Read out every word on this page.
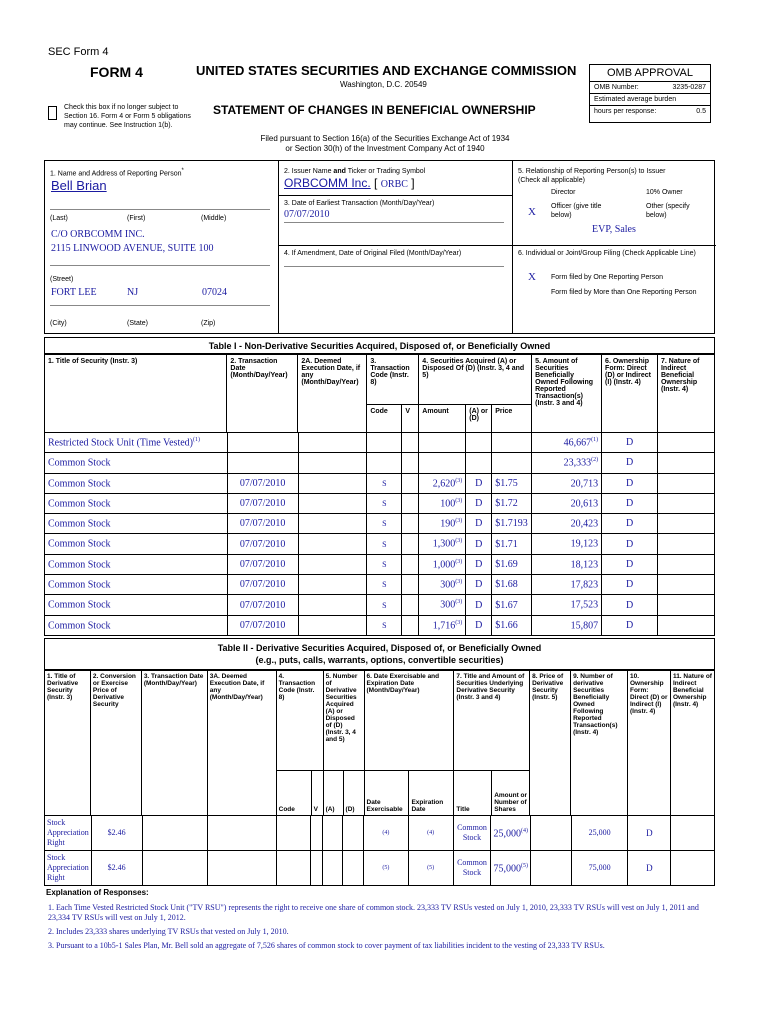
SEC Form 4
FORM 4	UNITED STATES SECURITIES AND EXCHANGE COMMISSION
Washington, D.C. 20549
Check this box if no longer subject to Section 16. Form 4 or Form 5 obligations may continue. See Instruction 1(b).
STATEMENT OF CHANGES IN BENEFICIAL OWNERSHIP
Filed pursuant to Section 16(a) of the Securities Exchange Act of 1934
or Section 30(h) of the Investment Company Act of 1940
OMB APPROVAL
OMB Number:	3235-0287
Estimated average burden
hours per response:	0.5
1. Name and Address of Reporting Person*
Bell Brian
(Last)	(First)	(Middle)
C/O ORBCOMM INC.
2115 LINWOOD AVENUE, SUITE 100
(Street)
FORT LEE	NJ	07024
(City)	(State)	(Zip)
2. Issuer Name and Ticker or Trading Symbol
ORBCOMM Inc. [ ORBC ]
3. Date of Earliest Transaction (Month/Day/Year)
07/07/2010
4. If Amendment, Date of Original Filed (Month/Day/Year)
5. Relationship of Reporting Person(s) to Issuer
(Check all applicable)
Director	10% Owner
X Officer (give title below)
Other (specify below)
EVP, Sales
6. Individual or Joint/Group Filing (Check Applicable Line)
X Form filed by One Reporting Person
Form filed by More than One Reporting Person
Table I - Non-Derivative Securities Acquired, Disposed of, or Beneficially Owned
1. Title of Security (Instr. 3)	2. Transaction Date (Month/Day/Year)	2A. Deemed Execution Date, if any (Month/Day/Year)	3. Transaction Code (Instr. 8)		4. Securities Acquired (A) or Disposed Of (D) (Instr. 3, 4 and 5)			5. Amount of Securities Beneficially Owned Following Reported Transaction(s) (Instr. 3 and 4)	6. Ownership Form: Direct (D) or Indirect (I) (Instr. 4)	7. Nature of Indirect Beneficial Ownership (Instr. 4)
			Code	V	Amount	(A) or (D)	Price			
Restricted Stock Unit (Time Vested)$^{(1)}$								46,667$^{(1)}$	D	
Common Stock								23,333$^{(2)}$	D	
Common Stock	07/07/2010		S		2,620$^{(3)}$	D	$1.75	20,713	D	
Common Stock	07/07/2010		S		100$^{(3)}$	D	$1.72	20,613	D	
Common Stock	07/07/2010		S		190$^{(3)}$	D	$1.7193	20,423	D	
Common Stock	07/07/2010		S		1,300$^{(3)}$	D	$1.71	19,123	D	
Common Stock	07/07/2010		S		1,000$^{(3)}$	D	$1.69	18,123	D	
Common Stock	07/07/2010		S		300$^{(3)}$	D	$1.68	17,823	D	
Common Stock	07/07/2010		S		300$^{(3)}$	D	$1.67	17,523	D	
Common Stock	07/07/2010		S		1,716$^{(3)}$	D	$1.66	15,807	D	
Table II - Derivative Securities Acquired, Disposed of, or Beneficially Owned
(e.g., puts, calls, warrants, options, convertible securities)
1. Title of Derivative Security (Instr. 3)	2. Conversion or Exercise Price of Derivative Security	3. Transaction Date (Month/Day/Year)	3A. Deemed Execution Date, if any (Month/Day/Year)	4. Transaction Code (Instr. 8)		5. Number of Derivative Securities Acquired (A) or Disposed of (D) (Instr. 3, 4 and 5)		6. Date Exercisable and Expiration Date (Month/Day/Year)		7. Title and Amount of Securities Underlying Derivative Security (Instr. 3 and 4)		8. Price of Derivative Security (Instr. 5)	9. Number of derivative Securities Beneficially Owned Following Reported Transaction(s) (Instr. 4)	10. Ownership Form: Direct (D) or Indirect (I) (Instr. 4)	11. Nature of Indirect Beneficial Ownership (Instr. 4)
				Code	V	(A)	(D)	Date Exercisable	Expiration Date	Title	Amount or Number of Shares				
Stock Appreciation Right	$2.46							(4)	(4)	Common Stock	25,000$^{(4)}$		25,000	D	
Stock Appreciation Right	$2.46							(5)	(5)	Common Stock	75,000$^{(5)}$		75,000	D	
Explanation of Responses:
1. Each Time Vested Restricted Stock Unit ("TV RSU") represents the right to receive one share of common stock. 23,333 TV RSUs vested on July 1, 2010, 23,333 TV RSUs will vest on July 1, 2011 and 23,334 TV RSUs will vest on July 1, 2012.
2. Includes 23,333 shares underlying TV RSUs that vested on July 1, 2010.
3. Pursuant to a 10b5-1 Sales Plan, Mr. Bell sold an aggregate of 7,526 shares of common stock to cover payment of tax liabilities incident to the vesting of 23,333 TV RSUs.
